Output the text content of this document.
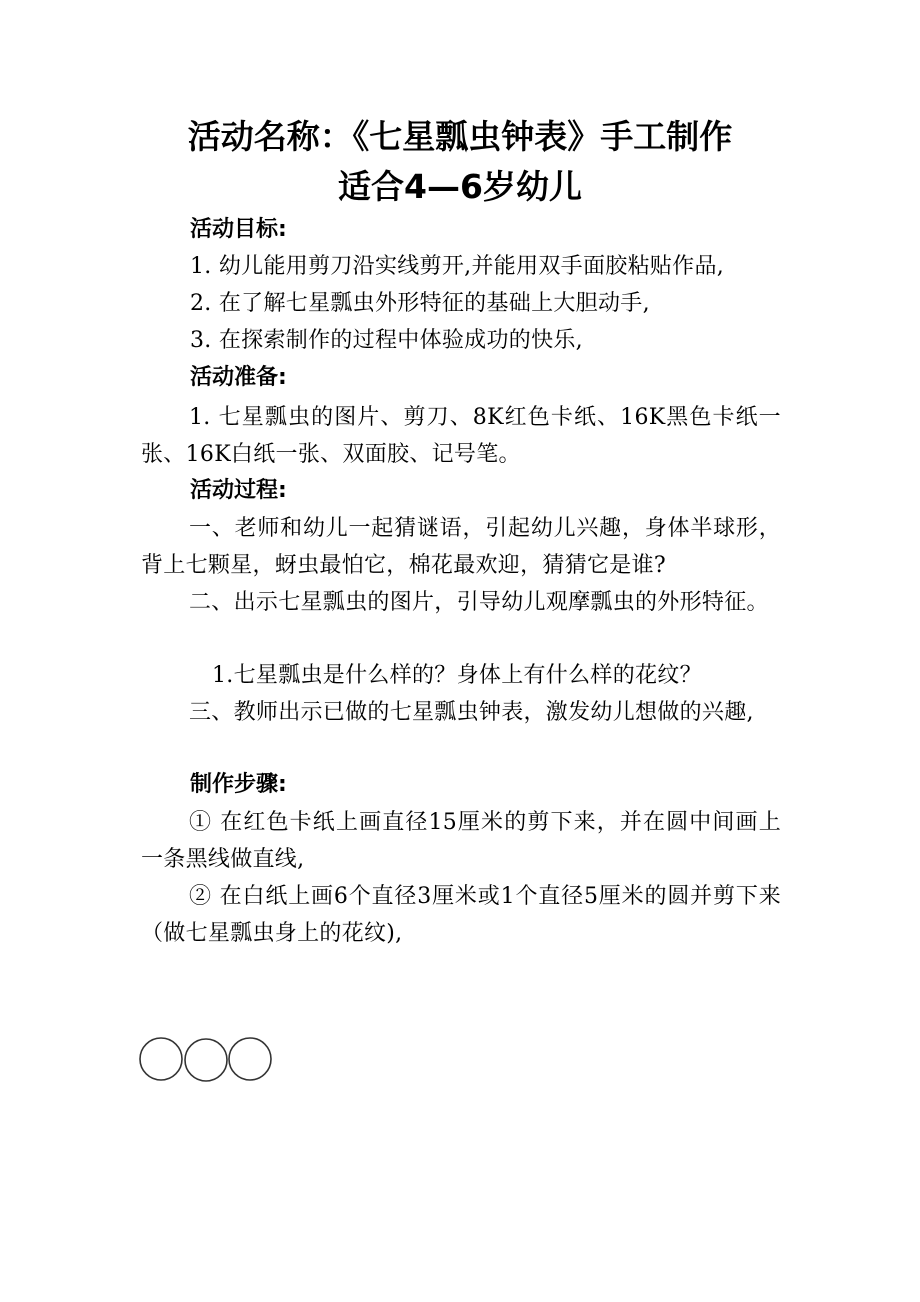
活动名称：《七星瓢虫钟表》手工制作
适合4—6岁幼儿
活动目标:
1. 幼儿能用剪刀沿实线剪开,并能用双手面胶粘贴作品,
2. 在了解七星瓢虫外形特征的基础上大胆动手,
3. 在探索制作的过程中体验成功的快乐,
活动准备:
1. 七星瓢虫的图片、剪刀、8K红色卡纸、16K黑色卡纸一张、16K白纸一张、双面胶、记号笔。
活动过程:
一、老师和幼儿一起猜谜语，引起幼儿兴趣，身体半球形，背上七颗星，蚜虫最怕它，棉花最欢迎，猜猜它是谁?
二、出示七星瓢虫的图片，引导幼儿观摩瓢虫的外形特征。
1.七星瓢虫是什么样的？身体上有什么样的花纹？
三、教师出示已做的七星瓢虫钟表，激发幼儿想做的兴趣,
制作步骤:
① 在红色卡纸上画直径15厘米的剪下来，并在圆中间画上一条黑线做直线,
② 在白纸上画6个直径3厘米或1个直径5厘米的圆并剪下来（做七星瓢虫身上的花纹),
